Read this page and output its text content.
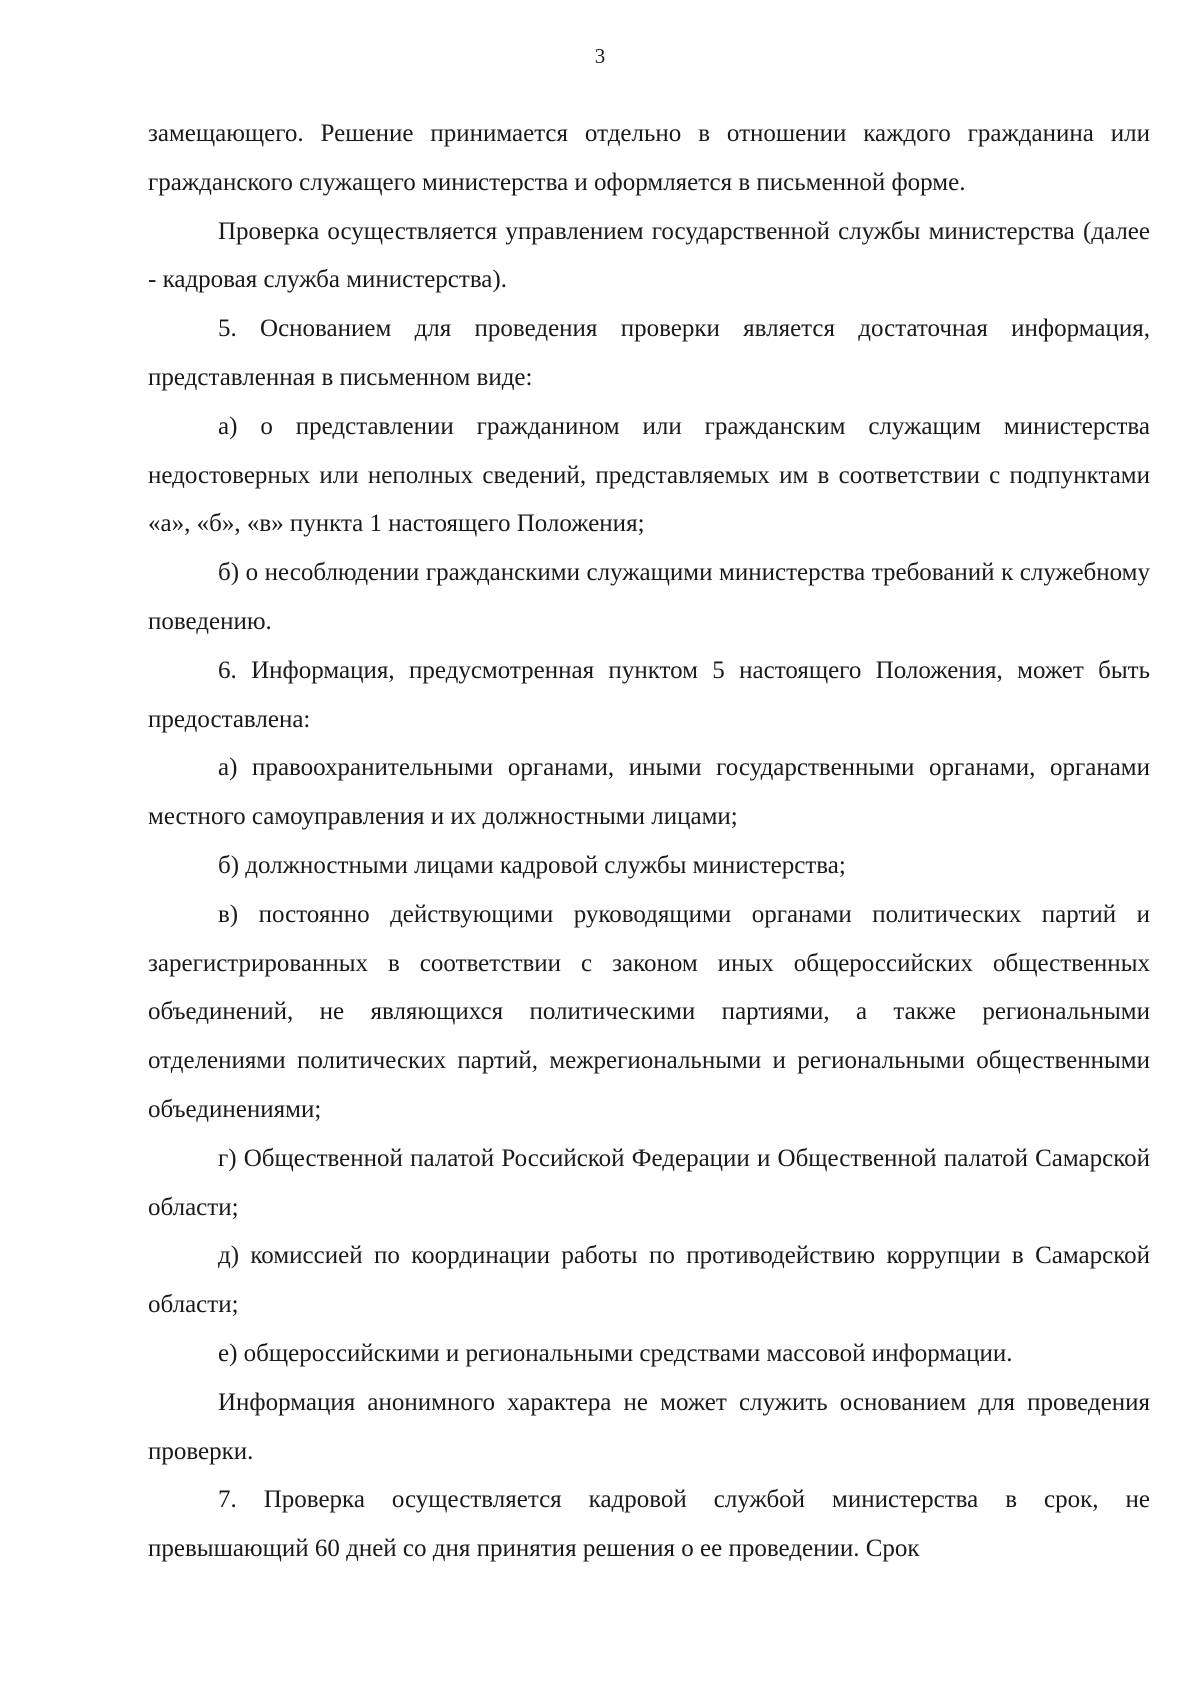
3

замещающего. Решение принимается отдельно в отношении каждого гражданина или гражданского служащего министерства и оформляется в письменной форме.

Проверка осуществляется управлением государственной службы министерства (далее - кадровая служба министерства).

5. Основанием для проведения проверки является достаточная информация, представленная в письменном виде:

а) о представлении гражданином или гражданским служащим министерства недостоверных или неполных сведений, представляемых им в соответствии с подпунктами «а», «б», «в» пункта 1 настоящего Положения;

б) о несоблюдении гражданскими служащими министерства требований к служебному поведению.

6. Информация, предусмотренная пунктом 5 настоящего Положения, может быть предоставлена:

а) правоохранительными органами, иными государственными органами, органами местного самоуправления и их должностными лицами;

б) должностными лицами кадровой службы министерства;

в) постоянно действующими руководящими органами политических партий и зарегистрированных в соответствии с законом иных общероссийских общественных объединений, не являющихся политическими партиями, а также региональными отделениями политических партий, межрегиональными и региональными общественными объединениями;

г) Общественной палатой Российской Федерации и Общественной палатой Самарской области;

д) комиссией по координации работы по противодействию коррупции в Самарской области;

е) общероссийскими и региональными средствами массовой информации.

Информация анонимного характера не может служить основанием для проведения проверки.

7. Проверка осуществляется кадровой службой министерства в срок, не превышающий 60 дней со дня принятия решения о ее проведении. Срок
